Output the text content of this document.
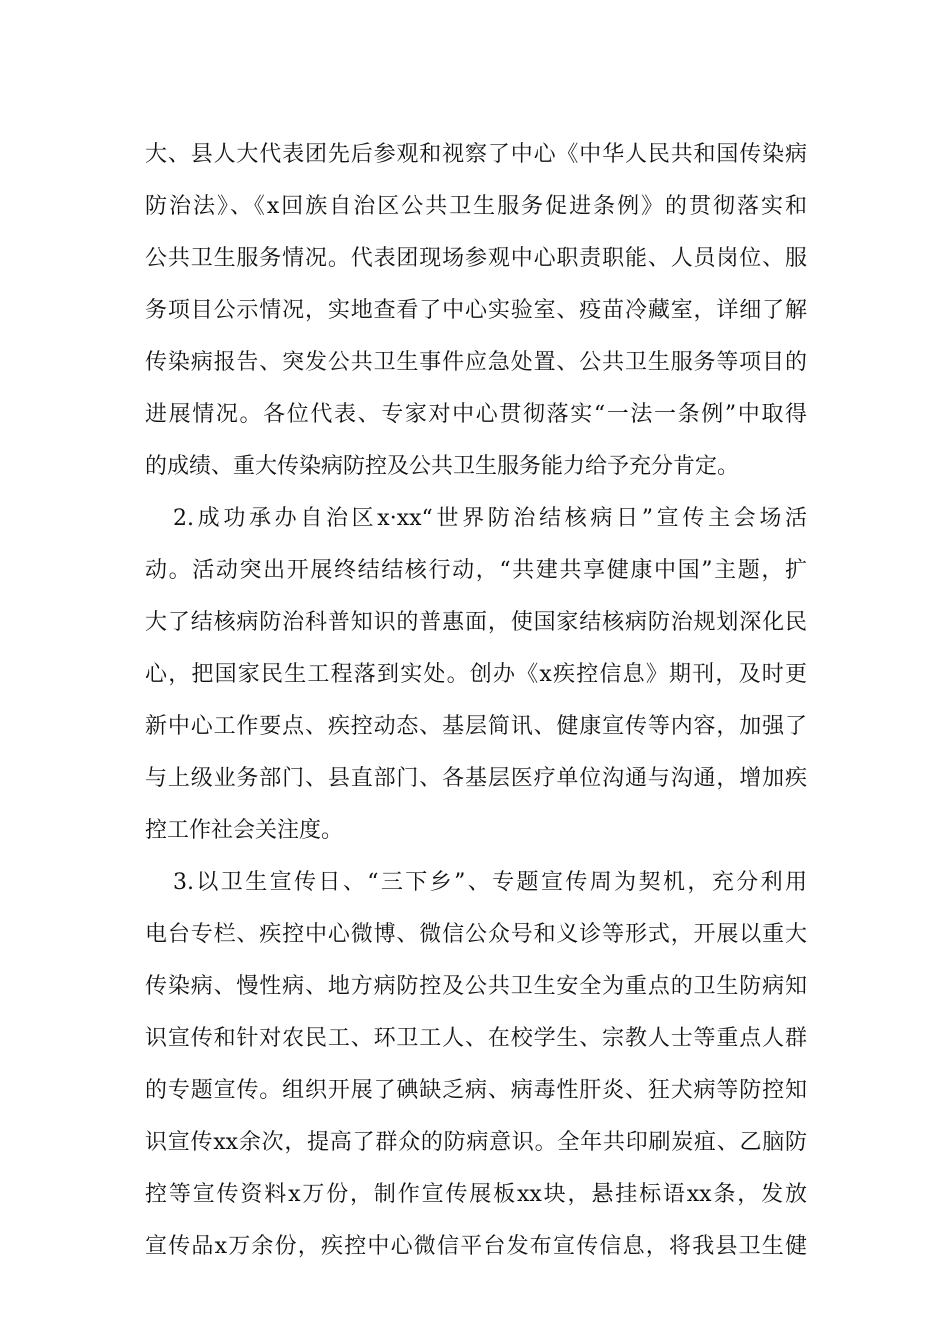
大、县人大代表团先后参观和视察了中心《中华人民共和国传染病
防治法》、《x回族自治区公共卫生服务促进条例》的贯彻落实和
公共卫生服务情况。代表团现场参观中心职责职能、人员岗位、服
务项目公示情况，实地查看了中心实验室、疫苗冷藏室，详细了解
传染病报告、突发公共卫生事件应急处置、公共卫生服务等项目的
进展情况。各位代表、专家对中心贯彻落实“一法一条例”中取得
的成绩、重大传染病防控及公共卫生服务能力给予充分肯定。
2.成功承办自治区x·xx“世界防治结核病日”宣传主会场活
动。活动突出开展终结结核行动，“共建共享健康中国”主题，扩
大了结核病防治科普知识的普惠面，使国家结核病防治规划深化民
心，把国家民生工程落到实处。创办《x疾控信息》期刊，及时更
新中心工作要点、疾控动态、基层简讯、健康宣传等内容，加强了
与上级业务部门、县直部门、各基层医疗单位沟通与沟通，增加疾
控工作社会关注度。
3.以卫生宣传日、“三下乡”、专题宣传周为契机，充分利用
电台专栏、疾控中心微博、微信公众号和义诊等形式，开展以重大
传染病、慢性病、地方病防控及公共卫生安全为重点的卫生防病知
识宣传和针对农民工、环卫工人、在校学生、宗教人士等重点人群
的专题宣传。组织开展了碘缺乏病、病毒性肝炎、狂犬病等防控知
识宣传xx余次，提高了群众的防病意识。全年共印刷炭疽、乙脑防
控等宣传资料x万份，制作宣传展板xx块，悬挂标语xx条，发放
宣传品x万余份，疾控中心微信平台发布宣传信息，将我县卫生健
